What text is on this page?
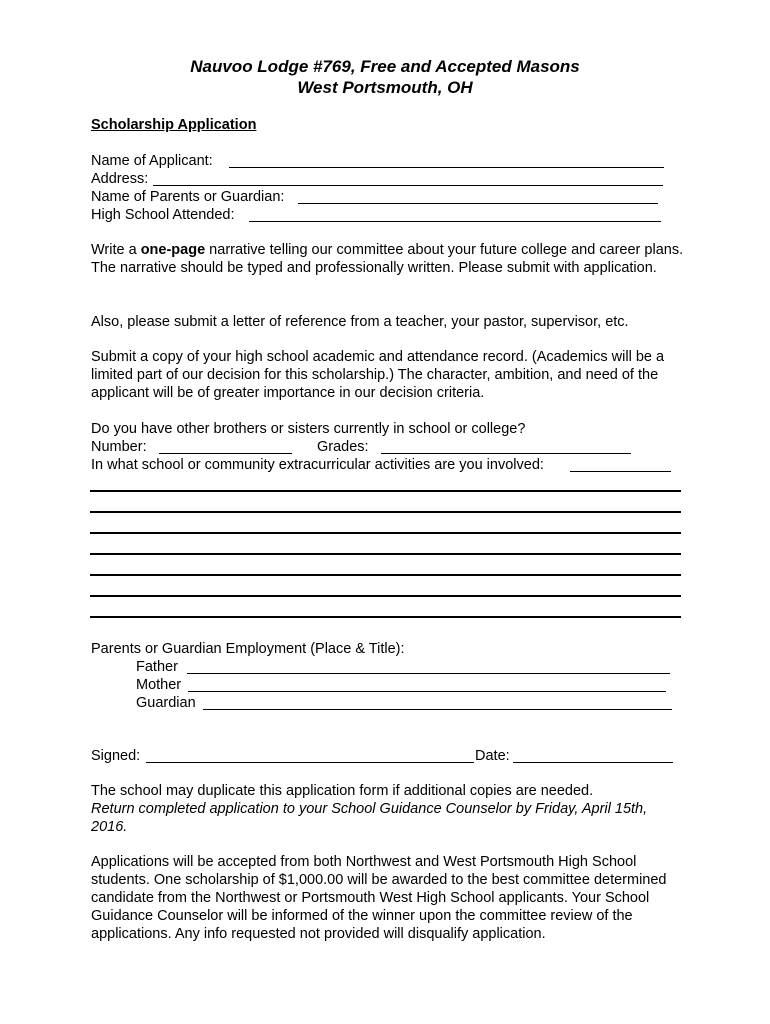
Nauvoo Lodge #769, Free and Accepted Masons
West Portsmouth, OH
Scholarship Application
Name of Applicant:
Address:
Name of Parents or Guardian:
High School Attended:
Write a one-page narrative telling our committee about your future college and career plans. The narrative should be typed and professionally written. Please submit with application.
Also, please submit a letter of reference from a teacher, your pastor, supervisor, etc.
Submit a copy of your high school academic and attendance record. (Academics will be a limited part of our decision for this scholarship.) The character, ambition, and need of the applicant will be of greater importance in our decision criteria.
Do you have other brothers or sisters currently in school or college?
Number:	Grades:
In what school or community extracurricular activities are you involved:
Parents or Guardian Employment (Place & Title):
Father
Mother
Guardian
Signed:	Date:
The school may duplicate this application form if additional copies are needed.
Return completed application to your School Guidance Counselor by Friday, April 15th, 2016.
Applications will be accepted from both Northwest and West Portsmouth High School students. One scholarship of $1,000.00 will be awarded to the best committee determined candidate from the Northwest or Portsmouth West High School applicants. Your School Guidance Counselor will be informed of the winner upon the committee review of the applications. Any info requested not provided will disqualify application.
